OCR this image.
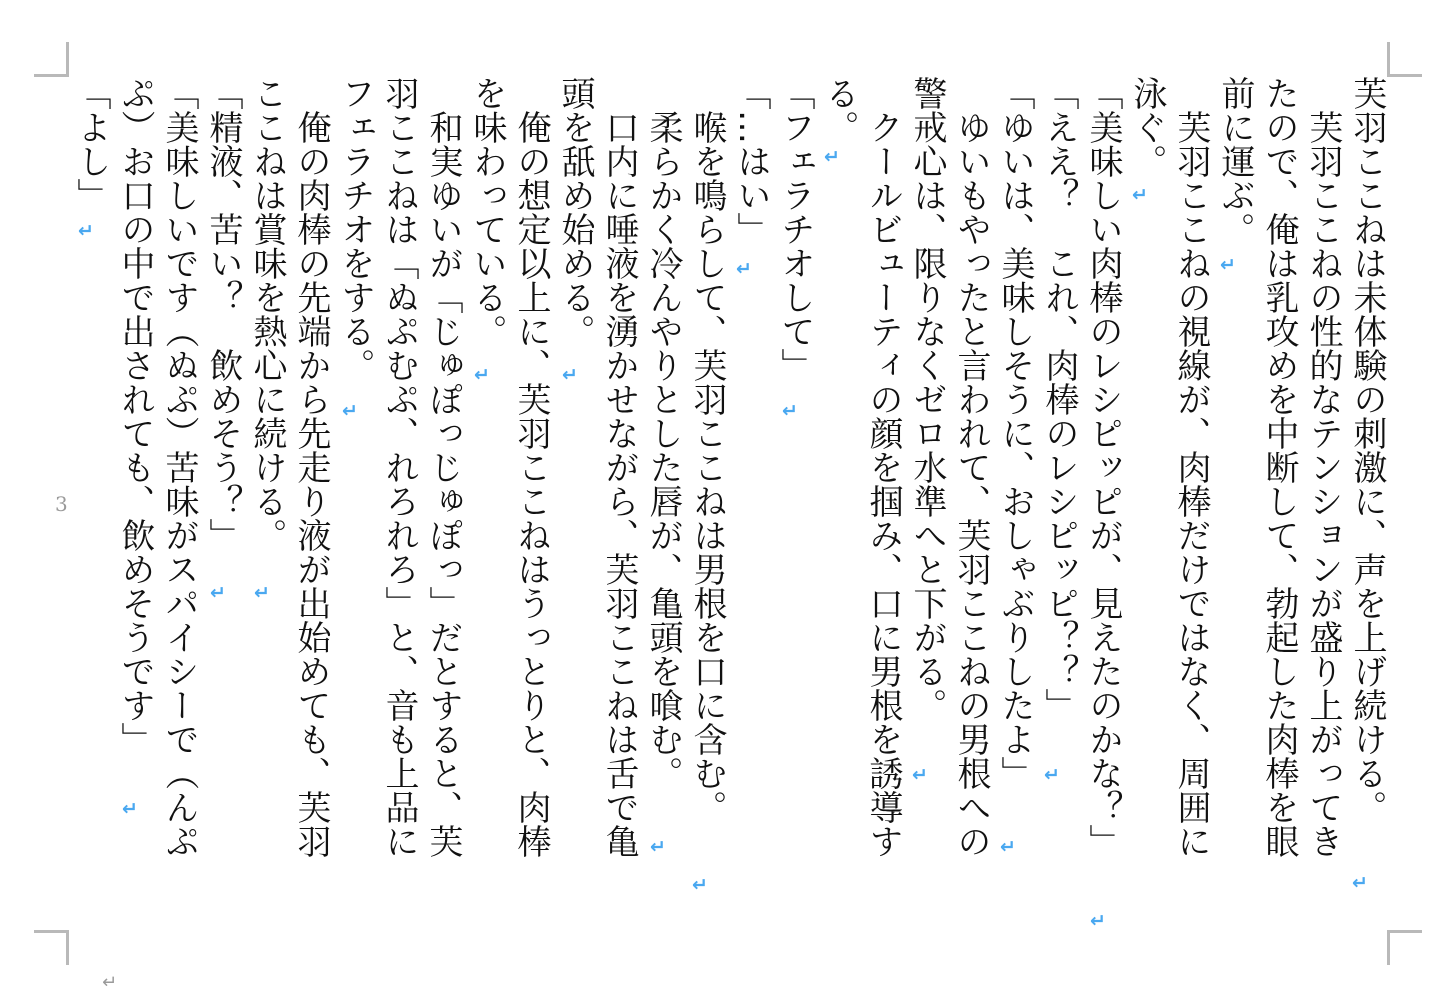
3
↵

芙羽ここねは未体験の刺激に、声を上げ続ける。

↵

芙羽ここねの性的なテンションが盛り上がってき

たので、俺は乳攻めを中断して、勃起した肉棒を眼

前に運ぶ。

↵

芙羽ここねの視線が、肉棒だけではなく、周囲に

泳ぐ。

↵

「美味しい肉棒のレシピッピが、見えたのかな？」

↵

「ええ？　これ、肉棒のレシピッピ？？」

↵

「ゆいは、美味しそうに、おしゃぶりしたよ」

↵

ゆいもやったと言われて、芙羽ここねの男根への

警戒心は、限りなくゼロ水準へと下がる。

↵

クールビューティの顔を掴み、口に男根を誘導す

る。

↵

「フェラチオして」

↵

「…はい」

↵

喉を鳴らして、芙羽ここねは男根を口に含む。

↵

柔らかく冷んやりとした唇が、亀頭を喰む。

↵

口内に唾液を湧かせながら、芙羽ここねは舌で亀

頭を舐め始める。

↵

俺の想定以上に、芙羽ここねはうっとりと、肉棒

を味わっている。

↵

和実ゆいが「じゅぽっじゅぽっ」だとすると、芙

羽ここねは「ぬぷむぷ、れろれろ」と、音も上品に

フェラチオをする。

↵

俺の肉棒の先端から先走り液が出始めても、芙羽

ここねは賞味を熱心に続ける。

↵

「精液、苦い？　飲めそう？」

↵

「美味しいです（ぬぷ）苦味がスパイシーで（んぷ

ぷ）お口の中で出されても、飲めそうです」

↵

「よし」

↵
